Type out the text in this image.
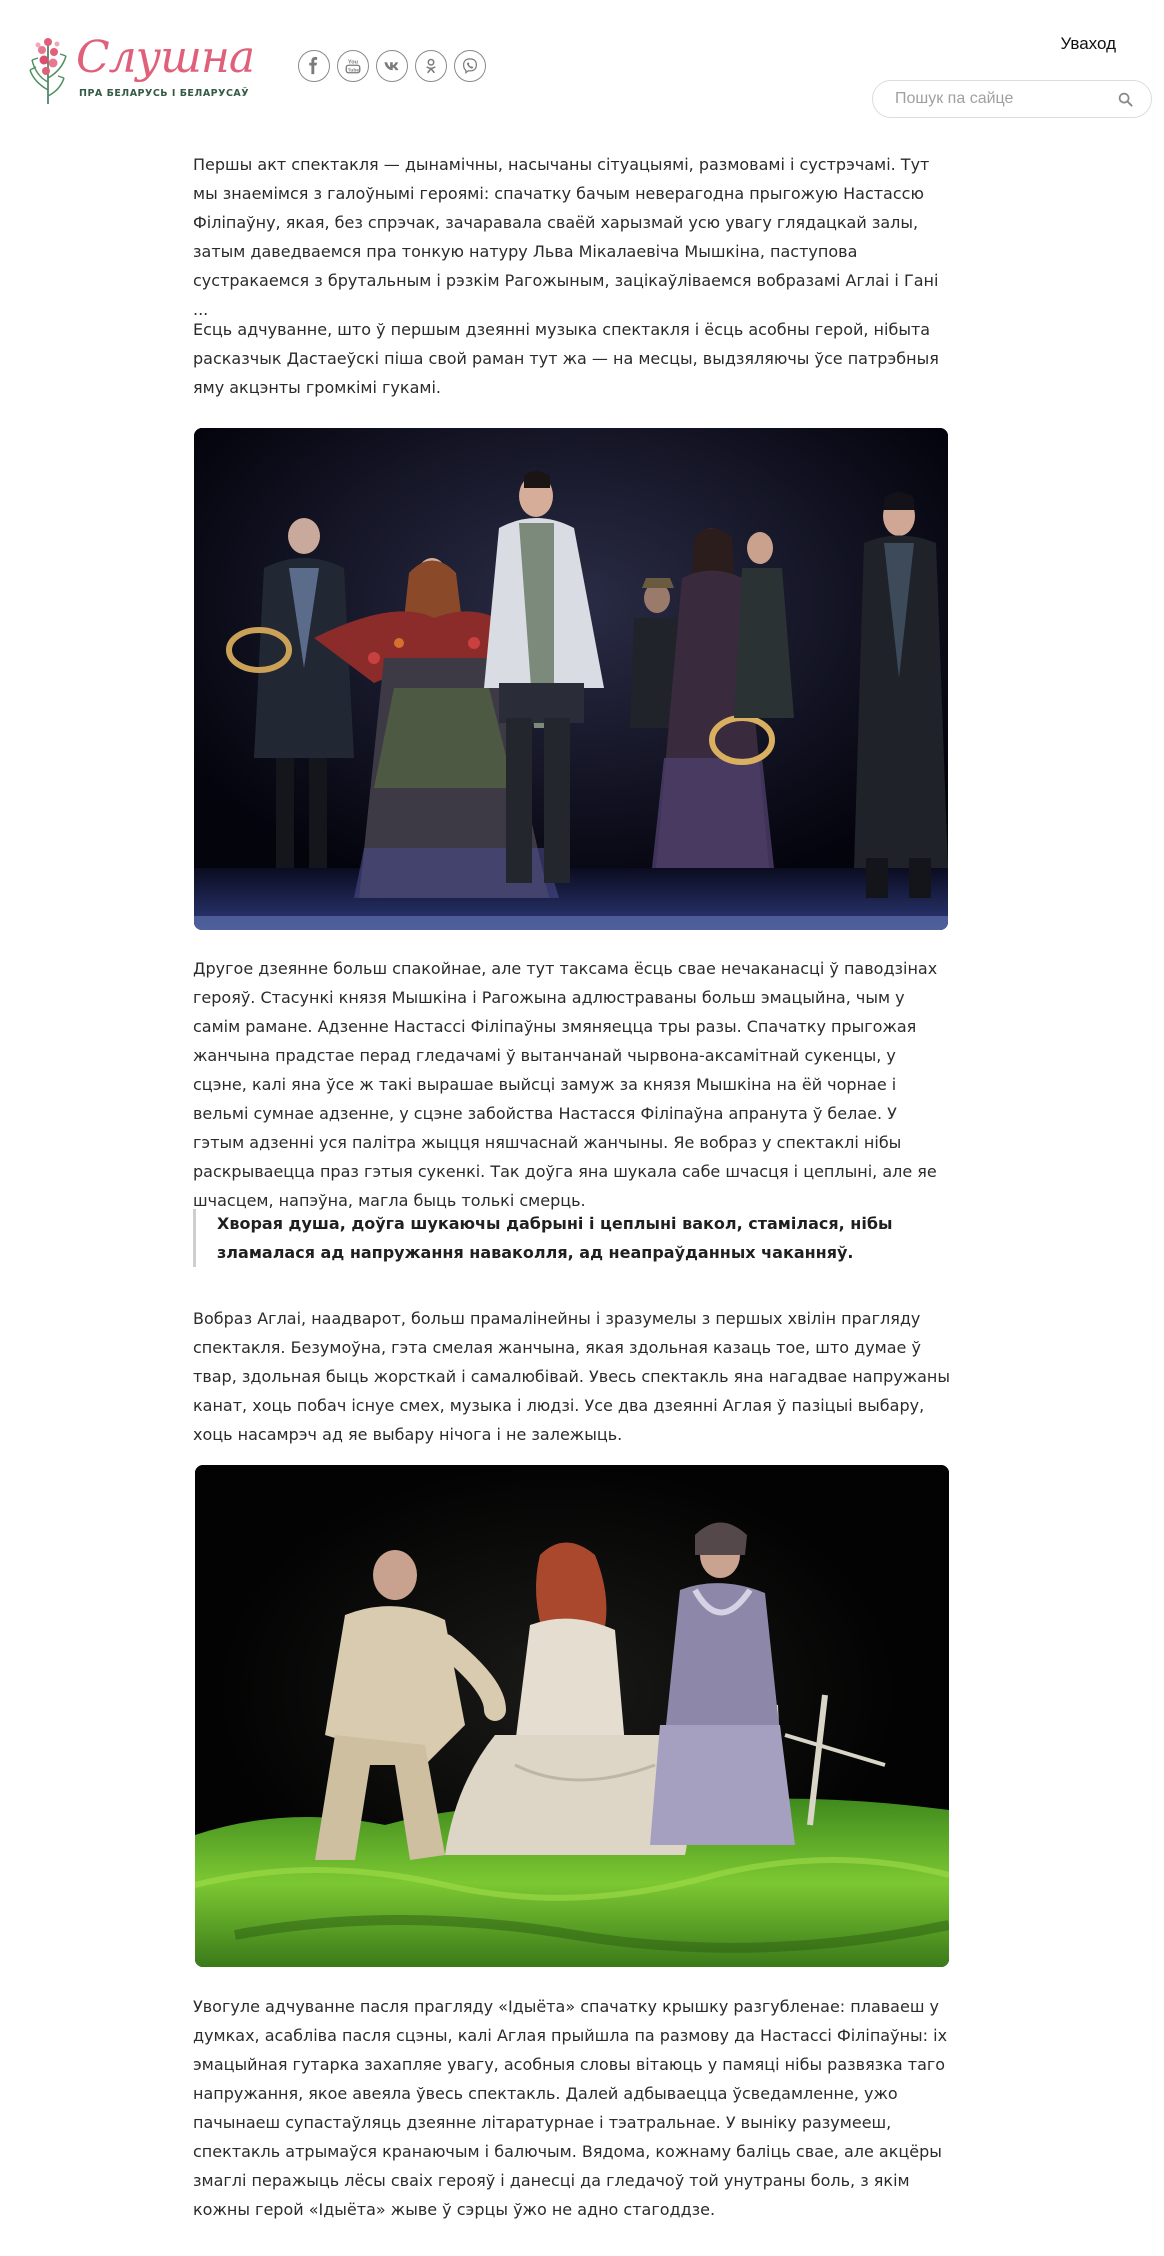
Слушна
ПРА БЕЛАРУСЬ І БЕЛАРУСАЎ
You
Tube
Уваход
Пошук па сайце

Першы акт спектакля — дынамічны, насычаны сітуацыямі, размовамі і сустрэчамі. Тут мы знаемімся з галоўнымі героямі: спачатку бачым неверагодна прыгожую Настассю Філіпаўну, якая, без спрэчак, зачаравала сваёй харызмай усю увагу глядацкай залы, затым даведваемся пра тонкую натуру Льва Мікалаевіча Мышкіна, паступова сустракаемся з брутальным і рэзкім Рагожыным, зацікаўліваемся вобразамі Аглаі і Гані ...

Есць адчуванне, што ў першым дзеянні музыка спектакля і ёсць асобны герой, нібыта расказчык Дастаеўскі піша свой раман тут жа — на месцы, выдзяляючы ўсе патрэбныя яму акцэнты громкімі гукамі.

Другое дзеянне больш спакойнае, але тут таксама ёсць свае нечаканасці ў паводзінах герояў. Стасункі князя Мышкіна і Рагожына адлюстраваны больш эмацыйна, чым у самім рамане. Адзенне Настассі Філіпаўны змяняецца тры разы. Спачатку прыгожая жанчына прадстае перад гледачамі ў вытанчанай чырвона-аксамітнай сукенцы, у сцэне, калі яна ўсе ж такі вырашае выйсці замуж за князя Мышкіна на ёй чорнае і вельмі сумнае адзенне, у сцэне забойства Настасся Філіпаўна апранута ў белае. У гэтым адзенні уся палітра жыцця няшчаснай жанчыны. Яе вобраз у спектаклі нібы раскрываецца праз гэтыя сукенкі. Так доўга яна шукала сабе шчасця і цеплыні, але яе шчасцем, напэўна, магла быць толькі смерць.

Хворая душа, доўга шукаючы дабрыні і цеплыні вакол, стамілася, нібы зламалася ад напружання наваколля, ад неапраўданных чаканняў.

Вобраз Аглаі, наадварот, больш прамалінейны і зразумелы з першых хвілін прагляду спектакля. Безумоўна, гэта смелая жанчына, якая здольная казаць тое, што думае ў твар, здольная быць жорсткай і самалюбівай. Увесь спектакль яна нагадвае напружаны канат, хоць побач існуе смех, музыка і людзі. Усе два дзеянні Аглая ў пазіцыі выбару, хоць насамрэч ад яе выбару нічога і не залежыць.

Увогуле адчуванне пасля прагляду «Ідыёта» спачатку крышку разгубленае: плаваеш у думках, асабліва пасля сцэны, калі Аглая прыйшла па размову да Настассі Філіпаўны: іх эмацыйная гутарка захапляе увагу, асобныя словы вітаюць у памяці нібы развязка таго напружання, якое авеяла ўвесь спектакль. Далей адбываецца ўсведамленне, ужо пачынаеш супастаўляць дзеянне літаратурнае і тэатральнае. У выніку разумееш, спектакль атрымаўся кранаючым і балючым. Вядома, кожнаму балiць свае, але акцёры змаглі перажыць лёсы сваіх герояў і данесці да гледачоў той унутраны боль, з якім кожны герой «Ідыёта» жыве ў сэрцы ўжо не адно стагоддзе.
